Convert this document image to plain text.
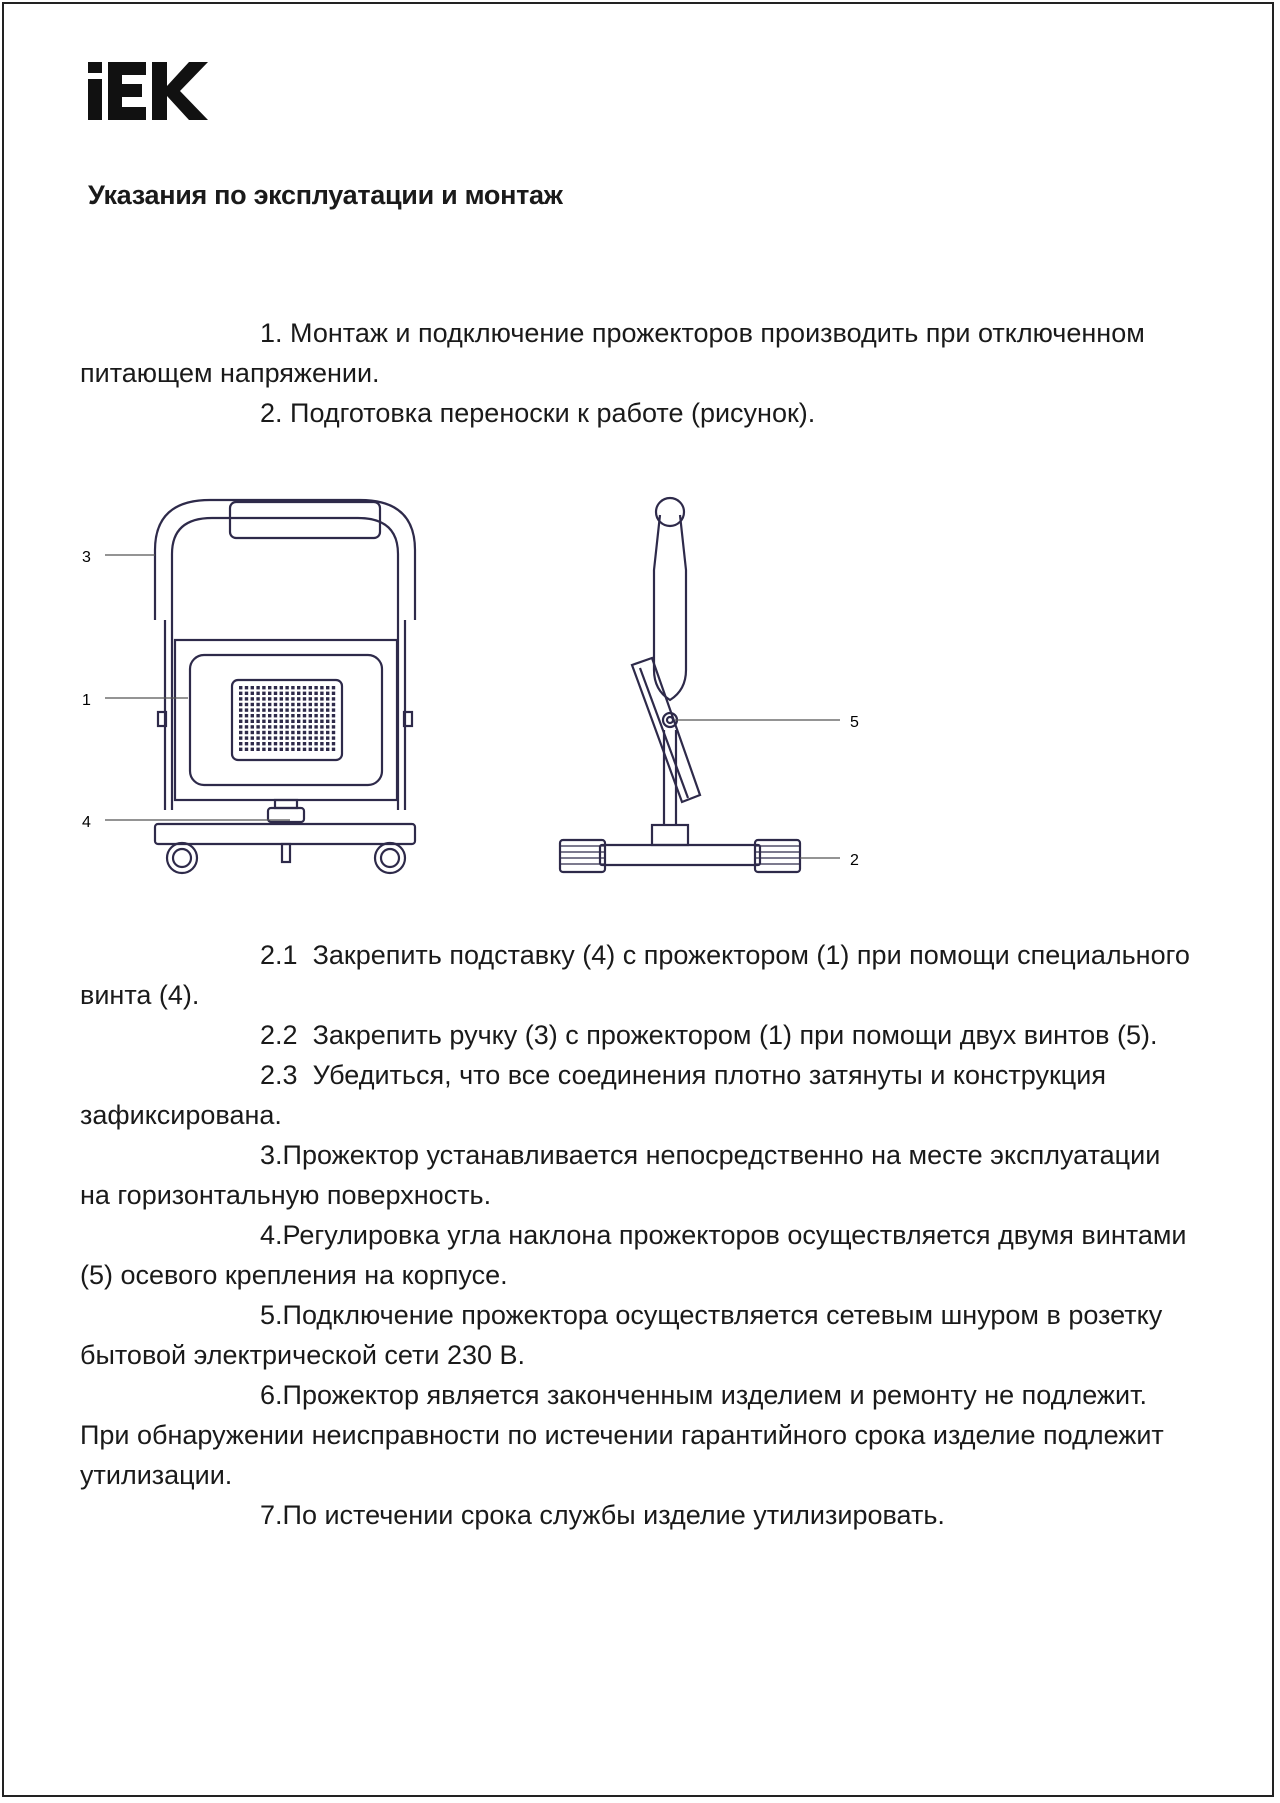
Указания по эксплуатации и монтаж

1. Монтаж и подключение прожекторов производить при отключенном питающем напряжении.

2. Подготовка переноски к работе (рисунок).

3
1
4
5
2

2.1 Закрепить подставку (4) с прожектором (1) при помощи специального винта (4).

2.2 Закрепить ручку (3) с прожектором (1) при помощи двух винтов (5).

2.3 Убедиться, что все соединения плотно затянуты и конструкция зафиксирована.

3.Прожектор устанавливается непосредственно на месте эксплуатации на горизонтальную поверхность.

4.Регулировка угла наклона прожекторов осуществляется двумя винтами (5) осевого крепления на корпусе.

5.Подключение прожектора осуществляется сетевым шнуром в розетку бытовой электрической сети 230 В.

6.Прожектор является законченным изделием и ремонту не подлежит. При обнаружении неисправности по истечении гарантийного срока изделие подлежит утилизации.

7.По истечении срока службы изделие утилизировать.
